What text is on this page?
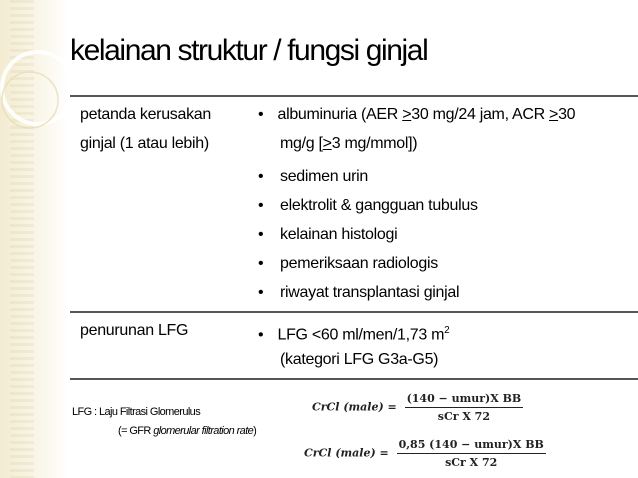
kelainan struktur / fungsi ginjal
petanda kerusakan
ginjal (1 atau lebih)
• albuminuria (AER ≥30 mg/24 jam, ACR ≥30
mg/g [≥3 mg/mmol])
• sedimen urin
• elektrolit & gangguan tubulus
• kelainan histologi
• pemeriksaan radiologis
• riwayat transplantasi ginjal
penurunan LFG	• LFG <60 ml/men/1,73 $m^2$
(kategori LFG G3a-G5)
LFG : Laju Filtrasi Glomerulus
(= GFR glomerular filtration rate)
CrCl (male) = $\frac{\text{(140 − umur)X BB}}{\text{sCr X 72}}$
CrCl (male) = $\frac{\text{0,85 (140 − umur)X BB}}{\text{sCr X 72}}$
